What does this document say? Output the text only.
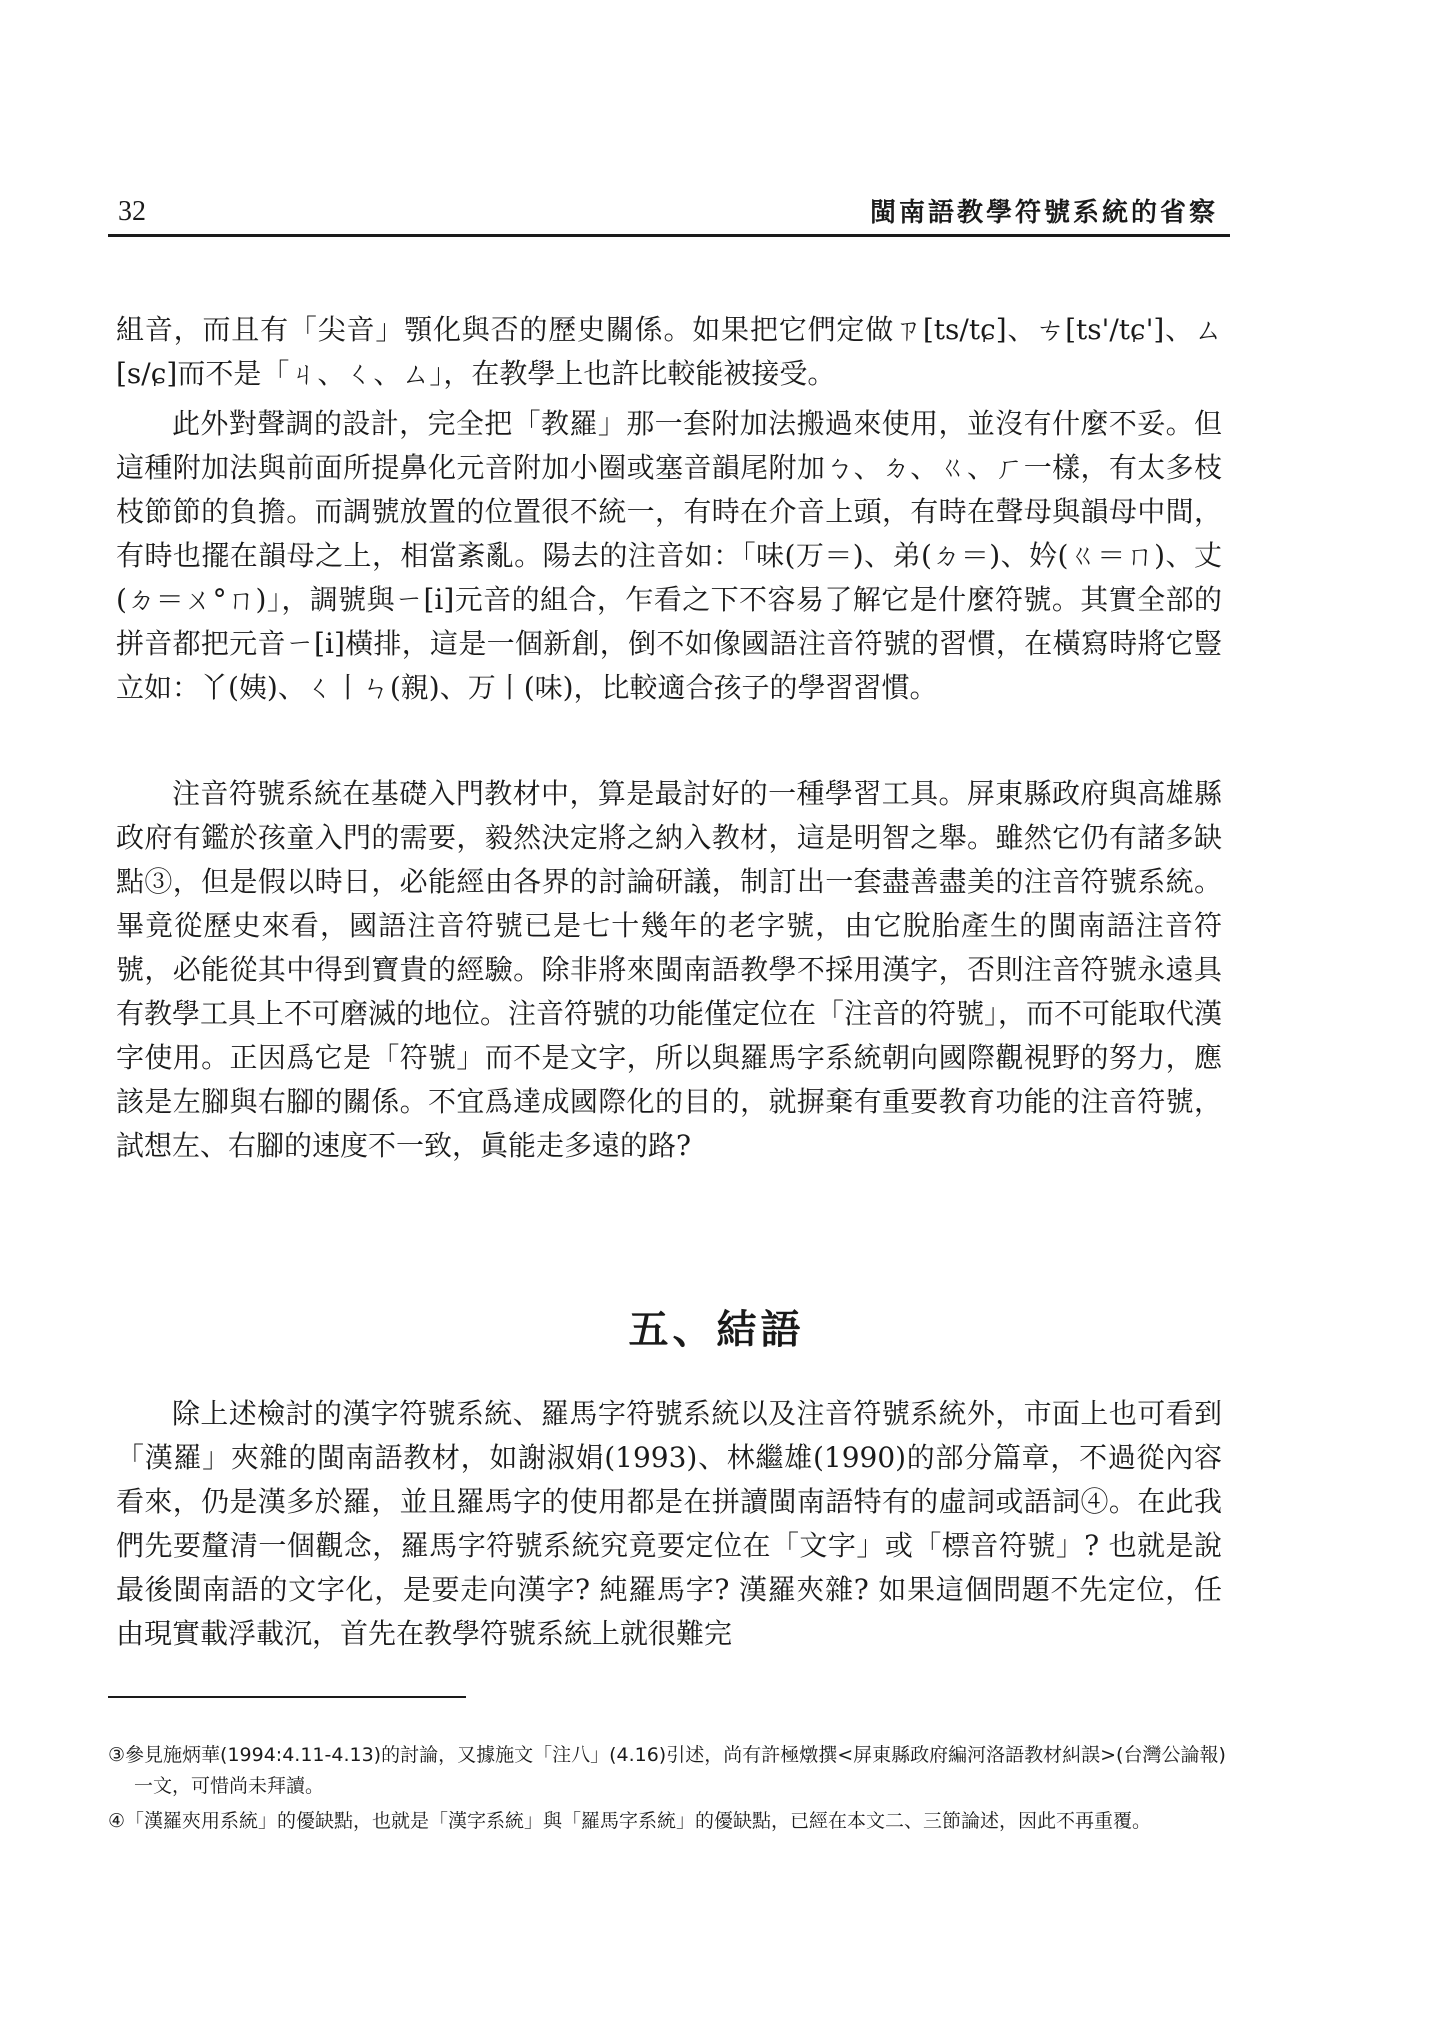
32	閩南語教學符號系統的省察

組音，而且有「尖音」顎化與否的歷史關係。如果把它們定做ㄗ[ts/tɕ]、ㄘ[ts'/tɕ']、ㄙ[s/ɕ]而不是「ㄐ、ㄑ、ㄙ」，在教學上也許比較能被接受。

此外對聲調的設計，完全把「教羅」那一套附加法搬過來使用，並沒有什麼不妥。但這種附加法與前面所提鼻化元音附加小圈或塞音韻尾附加ㄅ、ㄉ、ㄍ、ㄏ一樣，有太多枝枝節節的負擔。而調號放置的位置很不統一，有時在介音上頭，有時在聲母與韻母中間，有時也擺在韻母之上，相當紊亂。陽去的注音如：「味(万＝)、弟(ㄉ＝)、妗(ㄍ＝ㄇ)、丈(ㄉ＝ㄨ°ㄇ)」，調號與ㄧ[i]元音的組合，乍看之下不容易了解它是什麼符號。其實全部的拼音都把元音ㄧ[i]橫排，這是一個新創，倒不如像國語注音符號的習慣，在橫寫時將它豎立如：丫(姨)、ㄑ丨ㄣ(親)、万丨(味)，比較適合孩子的學習習慣。

注音符號系統在基礎入門教材中，算是最討好的一種學習工具。屏東縣政府與高雄縣政府有鑑於孩童入門的需要，毅然決定將之納入教材，這是明智之舉。雖然它仍有諸多缺點③，但是假以時日，必能經由各界的討論研議，制訂出一套盡善盡美的注音符號系統。畢竟從歷史來看，國語注音符號已是七十幾年的老字號，由它脫胎產生的閩南語注音符號，必能從其中得到寶貴的經驗。除非將來閩南語教學不採用漢字，否則注音符號永遠具有教學工具上不可磨滅的地位。注音符號的功能僅定位在「注音的符號」，而不可能取代漢字使用。正因爲它是「符號」而不是文字，所以與羅馬字系統朝向國際觀視野的努力，應該是左腳與右腳的關係。不宜爲達成國際化的目的，就摒棄有重要教育功能的注音符號，試想左、右腳的速度不一致，眞能走多遠的路?

五、結語

除上述檢討的漢字符號系統、羅馬字符號系統以及注音符號系統外，市面上也可看到「漢羅」夾雜的閩南語教材，如謝淑娟(1993)、林繼雄(1990)的部分篇章，不過從內容看來，仍是漢多於羅，並且羅馬字的使用都是在拼讀閩南語特有的虛詞或語詞④。在此我們先要釐清一個觀念，羅馬字符號系統究竟要定位在「文字」或「標音符號」? 也就是說最後閩南語的文字化，是要走向漢字? 純羅馬字? 漢羅夾雜? 如果這個問題不先定位，任由現實載浮載沉，首先在教學符號系統上就很難完

③參見施炳華(1994:4.11-4.13)的討論，又據施文「注八」(4.16)引述，尚有許極燉撰<屏東縣政府編河洛語教材糾誤>(台灣公論報)一文，可惜尚未拜讀。

④「漢羅夾用系統」的優缺點，也就是「漢字系統」與「羅馬字系統」的優缺點，已經在本文二、三節論述，因此不再重覆。
